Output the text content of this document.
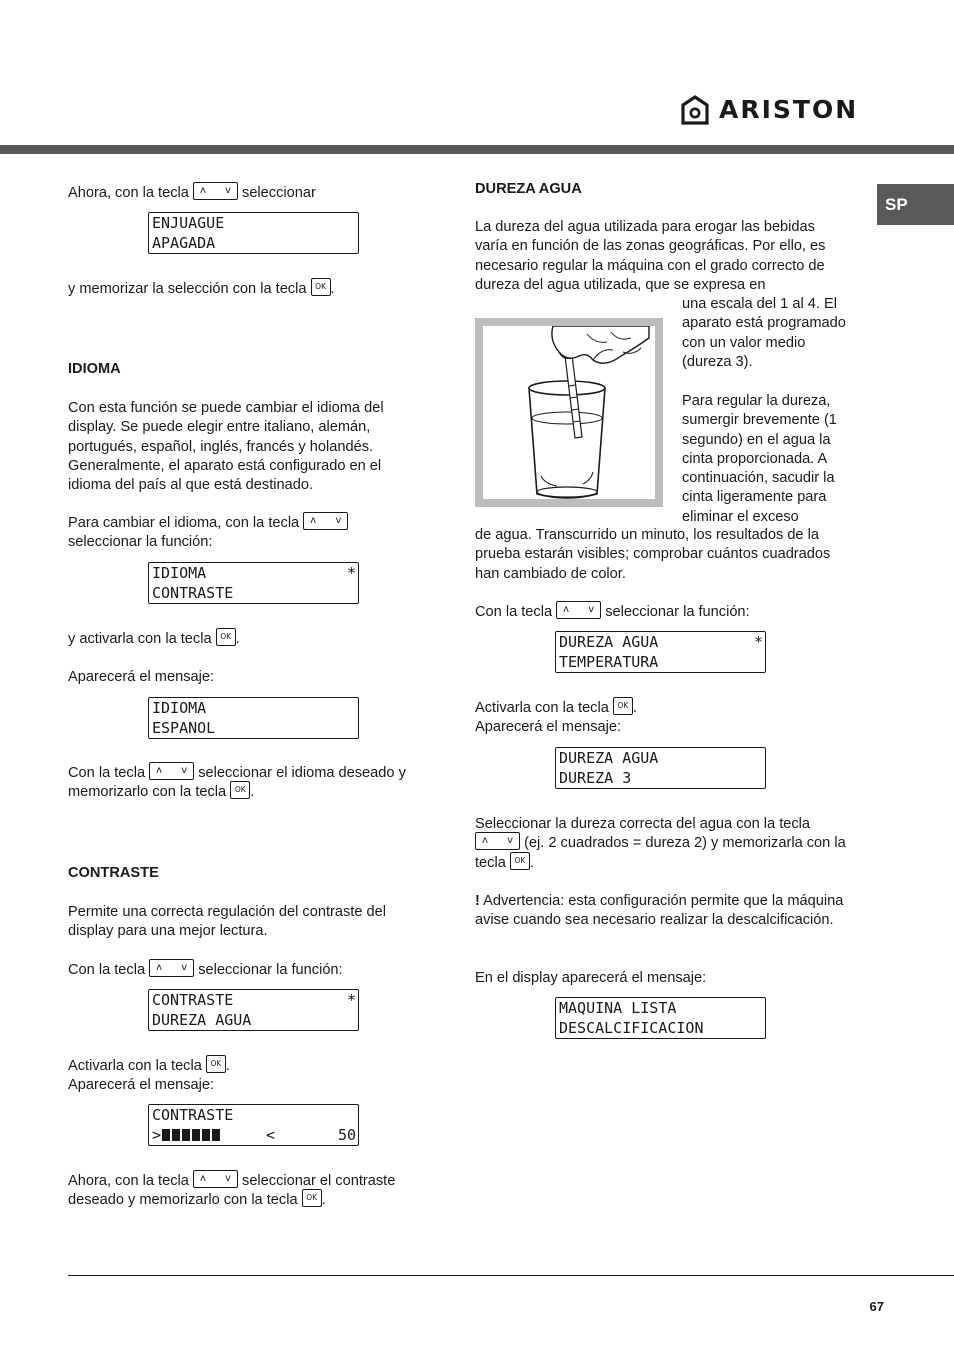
ARISTON
SP
Ahora, con la tecla ʌ v seleccionar
ENJUAGUE
APAGADA
y memorizar la selección con la tecla OK .
IDIOMA
Con esta función se puede cambiar el idioma del display. Se puede elegir entre italiano, alemán, portugués, español, inglés, francés y holandés. Generalmente, el aparato está configurado en el idioma del país al que está destinado.
Para cambiar el idioma, con la tecla ʌ v

seleccionar la función:
IDIOMA	*
CONTRASTE
y activarla con la tecla OK .
Aparecerá el mensaje:
IDIOMA
ESPANOL
Con la tecla ʌ v seleccionar el idioma deseado y memorizarlo con la tecla OK .
CONTRASTE
Permite una correcta regulación del contraste del display para una mejor lectura.
Con la tecla ʌ v seleccionar la función:
CONTRASTE	*
DUREZA AGUA
Activarla con la tecla OK .
Aparecerá el mensaje:
CONTRASTE
>	<	50
Ahora, con la tecla ʌ v seleccionar el contraste deseado y memorizarlo con la tecla OK .
DUREZA AGUA
La dureza del agua utilizada para erogar las bebidas varía en función de las zonas geográficas. Por ello, es necesario regular la máquina con el grado correcto de dureza del agua utilizada, que se expresa en
una escala del 1 al 4. El aparato está programado con un valor medio (dureza 3).
Para regular la dureza, sumergir brevemente (1 segundo) en el agua la cinta proporcionada. A continuación, sacudir la cinta ligeramente para eliminar el exceso
de agua. Transcurrido un minuto, los resultados de la prueba estarán visibles; comprobar cuántos cuadrados han cambiado de color.
Con la tecla ʌ v seleccionar la función:
DUREZA AGUA	*
TEMPERATURA
Activarla con la tecla OK .
Aparecerá el mensaje:
DUREZA AGUA
DUREZA 3
Seleccionar la dureza correcta del agua con la tecla
ʌ v (ej. 2 cuadrados = dureza 2) y memorizarla con la tecla OK .
! Advertencia: esta configuración permite que la máquina avise cuando sea necesario realizar la descalcificación.
En el display aparecerá el mensaje:
MAQUINA LISTA
DESCALCIFICACION
67
